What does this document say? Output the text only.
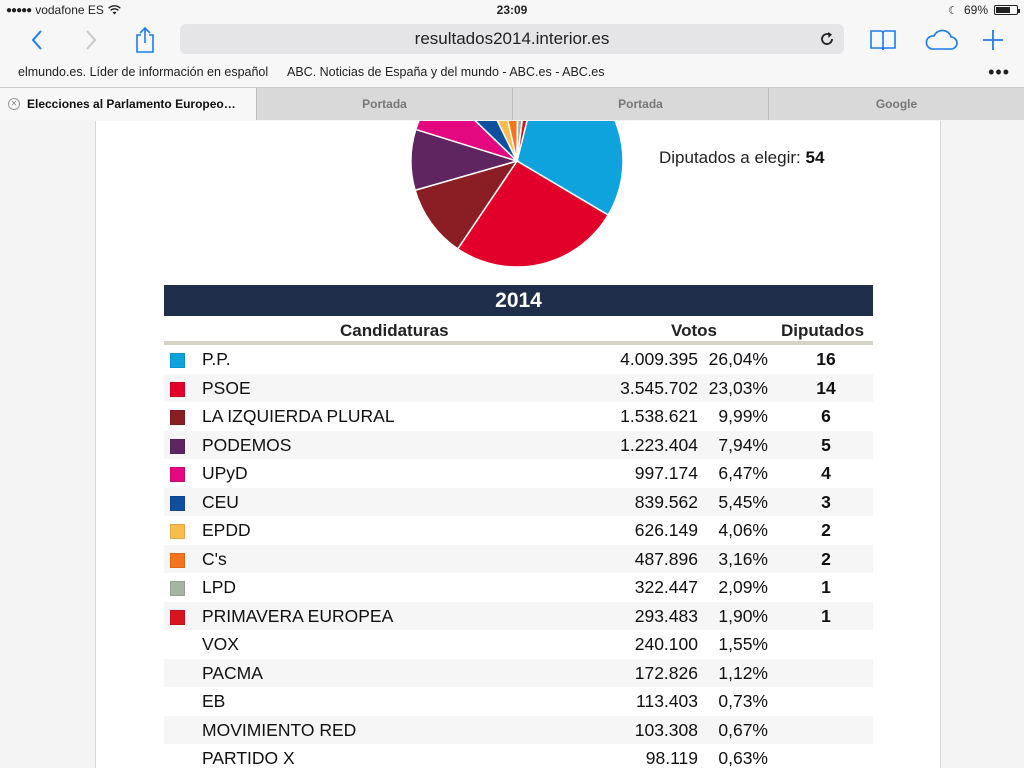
●●●●● vodafone ES	23:09	☾ 69%
resultados2014.interior.es
elmundo.es. Líder de información en español ABC. Noticias de España y del mundo - ABC.es - ABC.es	•••
✕ Elecciones al Parlamento Europeo…	Portada	Portada	Google
Diputados a elegir: 54
2014
Candidaturas	Votos	Diputados
P.P.	4.009.395 26,04%	16
PSOE	3.545.702 23,03%	14
LA IZQUIERDA PLURAL	1.538.621 9,99%	6
PODEMOS	1.223.404 7,94%	5
UPyD	997.174 6,47%	4
CEU	839.562 5,45%	3
EPDD	626.149 4,06%	2
C's	487.896 3,16%	2
LPD	322.447 2,09%	1
PRIMAVERA EUROPEA	293.483 1,90%	1
VOX	240.100 1,55%
PACMA	172.826 1,12%
EB	113.403 0,73%
MOVIMIENTO RED	103.308 0,67%
PARTIDO X	98.119 0,63%
